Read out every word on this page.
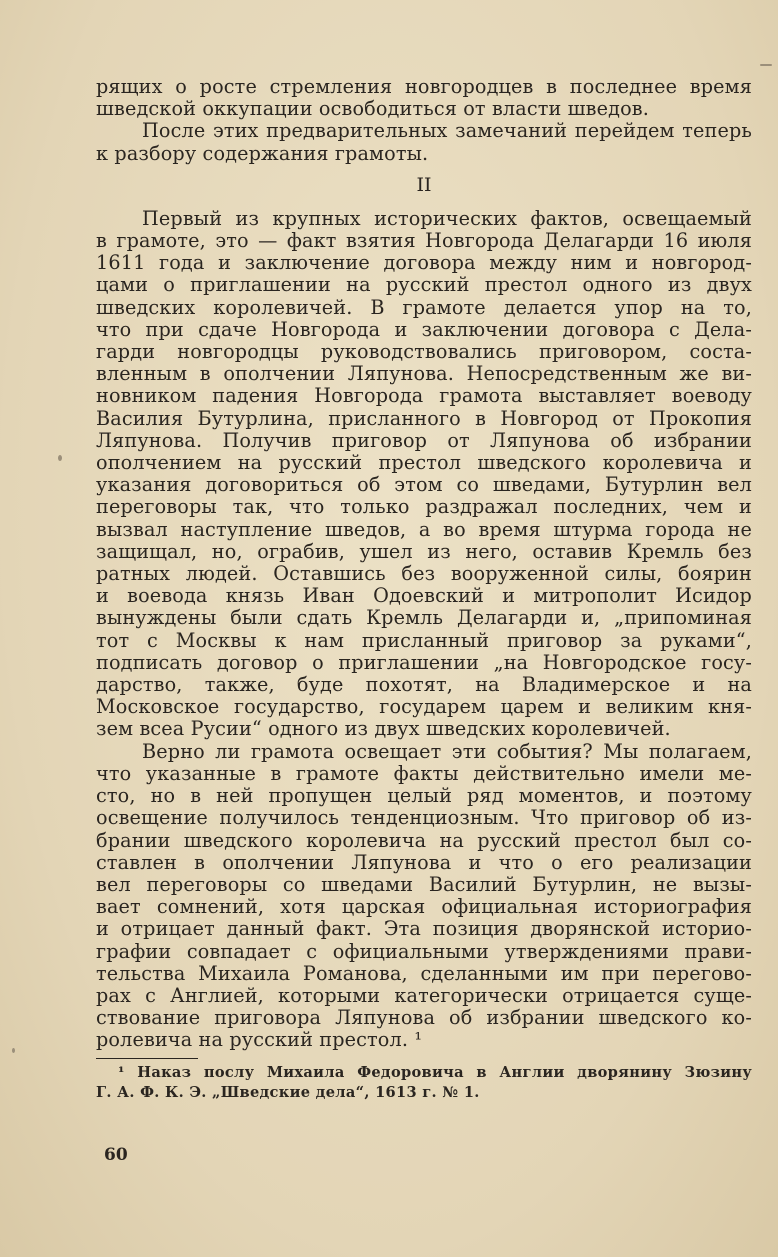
рящих о росте стремления новгородцев в последнее время
шведской оккупации освободиться от власти шведов.
После этих предварительных замечаний перейдем теперь
к разбору содержания грамоты.
II
Первый из крупных исторических фактов, освещаемый
в грамоте, это — факт взятия Новгорода Делагарди 16 июля
1611 года и заключение договора между ним и новгород-
цами о приглашении на русский престол одного из двух
шведских королевичей. В грамоте делается упор на то,
что при сдаче Новгорода и заключении договора с Дела-
гарди новгородцы руководствовались приговором, соста-
вленным в ополчении Ляпунова. Непосредственным же ви-
новником падения Новгорода грамота выставляет воеводу
Василия Бутурлина, присланного в Новгород от Прокопия
Ляпунова. Получив приговор от Ляпунова об избрании
ополчением на русский престол шведского королевича и
указания договориться об этом со шведами, Бутурлин вел
переговоры так, что только раздражал последних, чем и
вызвал наступление шведов, а во время штурма города не
защищал, но, ограбив, ушел из него, оставив Кремль без
ратных людей. Оставшись без вооруженной силы, боярин
и воевода князь Иван Одоевский и митрополит Исидор
вынуждены были сдать Кремль Делагарди и, „припоминая
тот с Москвы к нам присланный приговор за руками“,
подписать договор о приглашении „на Новгородское госу-
дарство, также, буде похотят, на Владимерское и на
Московское государство, государем царем и великим кня-
зем всеа Русии“ одного из двух шведских королевичей.
Верно ли грамота освещает эти события? Мы полагаем,
что указанные в грамоте факты действительно имели ме-
сто, но в ней пропущен целый ряд моментов, и поэтому
освещение получилось тенденциозным. Что приговор об из-
брании шведского королевича на русский престол был со-
ставлен в ополчении Ляпунова и что о его реализации
вел переговоры со шведами Василий Бутурлин, не вызы-
вает сомнений, хотя царская официальная историография
и отрицает данный факт. Эта позиция дворянской историо-
графии совпадает с официальными утверждениями прави-
тельства Михаила Романова, сделанными им при перегово-
рах с Англией, которыми категорически отрицается суще-
ствование приговора Ляпунова об избрании шведского ко-
ролевича на русский престол. ¹
¹ Наказ послу Михаила Федоровича в Англии дворянину Зюзину
Г. А. Ф. К. Э. „Шведские дела“, 1613 г. № 1.
60
